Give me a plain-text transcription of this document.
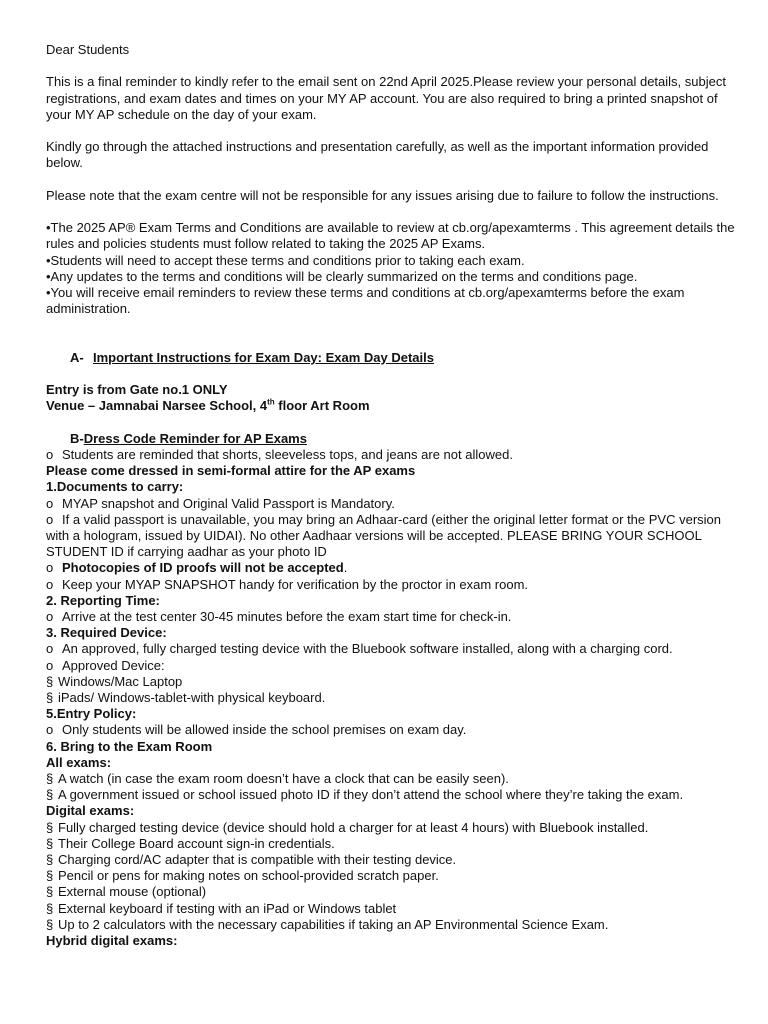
Dear Students

This is a final reminder to kindly refer to the email sent on 22nd April 2025.Please review your personal details, subject registrations, and exam dates and times on your MY AP account. You are also required to bring a printed snapshot of your MY AP schedule on the day of your exam.

Kindly go through the attached instructions and presentation carefully, as well as the important information provided below.

Please note that the exam centre will not be responsible for any issues arising due to failure to follow the instructions.

•The 2025 AP® Exam Terms and Conditions are available to review at cb.org/apexamterms . This agreement details the rules and policies students must follow related to taking the 2025 AP Exams.

•Students will need to accept these terms and conditions prior to taking each exam.

•Any updates to the terms and conditions will be clearly summarized on the terms and conditions page.

•You will receive email reminders to review these terms and conditions at cb.org/apexamterms before the exam administration.

A- Important Instructions for Exam Day: Exam Day Details

Entry is from Gate no.1 ONLY

Venue – Jamnabai Narsee School, 4th floor Art Room

B-Dress Code Reminder for AP Exams

o Students are reminded that shorts, sleeveless tops, and jeans are not allowed.

Please come dressed in semi-formal attire for the AP exams

1.Documents to carry:

o MYAP snapshot and Original Valid Passport is Mandatory.

o If a valid passport is unavailable, you may bring an Adhaar-card (either the original letter format or the PVC version with a hologram, issued by UIDAI). No other Aadhaar versions will be accepted. PLEASE BRING YOUR SCHOOL STUDENT ID if carrying aadhar as your photo ID

o Photocopies of ID proofs will not be accepted.

o Keep your MYAP SNAPSHOT handy for verification by the proctor in exam room.

2. Reporting Time:

o Arrive at the test center 30-45 minutes before the exam start time for check-in.

3. Required Device:

o An approved, fully charged testing device with the Bluebook software installed, along with a charging cord.

o Approved Device:

§ Windows/Mac Laptop

§ iPads/ Windows-tablet-with physical keyboard.

5.Entry Policy:

o Only students will be allowed inside the school premises on exam day.

6. Bring to the Exam Room

All exams:

§ A watch (in case the exam room doesn’t have a clock that can be easily seen).

§ A government issued or school issued photo ID if they don’t attend the school where they’re taking the exam.

Digital exams:

§ Fully charged testing device (device should hold a charger for at least 4 hours) with Bluebook installed.

§ Their College Board account sign-in credentials.

§ Charging cord/AC adapter that is compatible with their testing device.

§ Pencil or pens for making notes on school-provided scratch paper.

§ External mouse (optional)

§ External keyboard if testing with an iPad or Windows tablet

§ Up to 2 calculators with the necessary capabilities if taking an AP Environmental Science Exam.

Hybrid digital exams:
